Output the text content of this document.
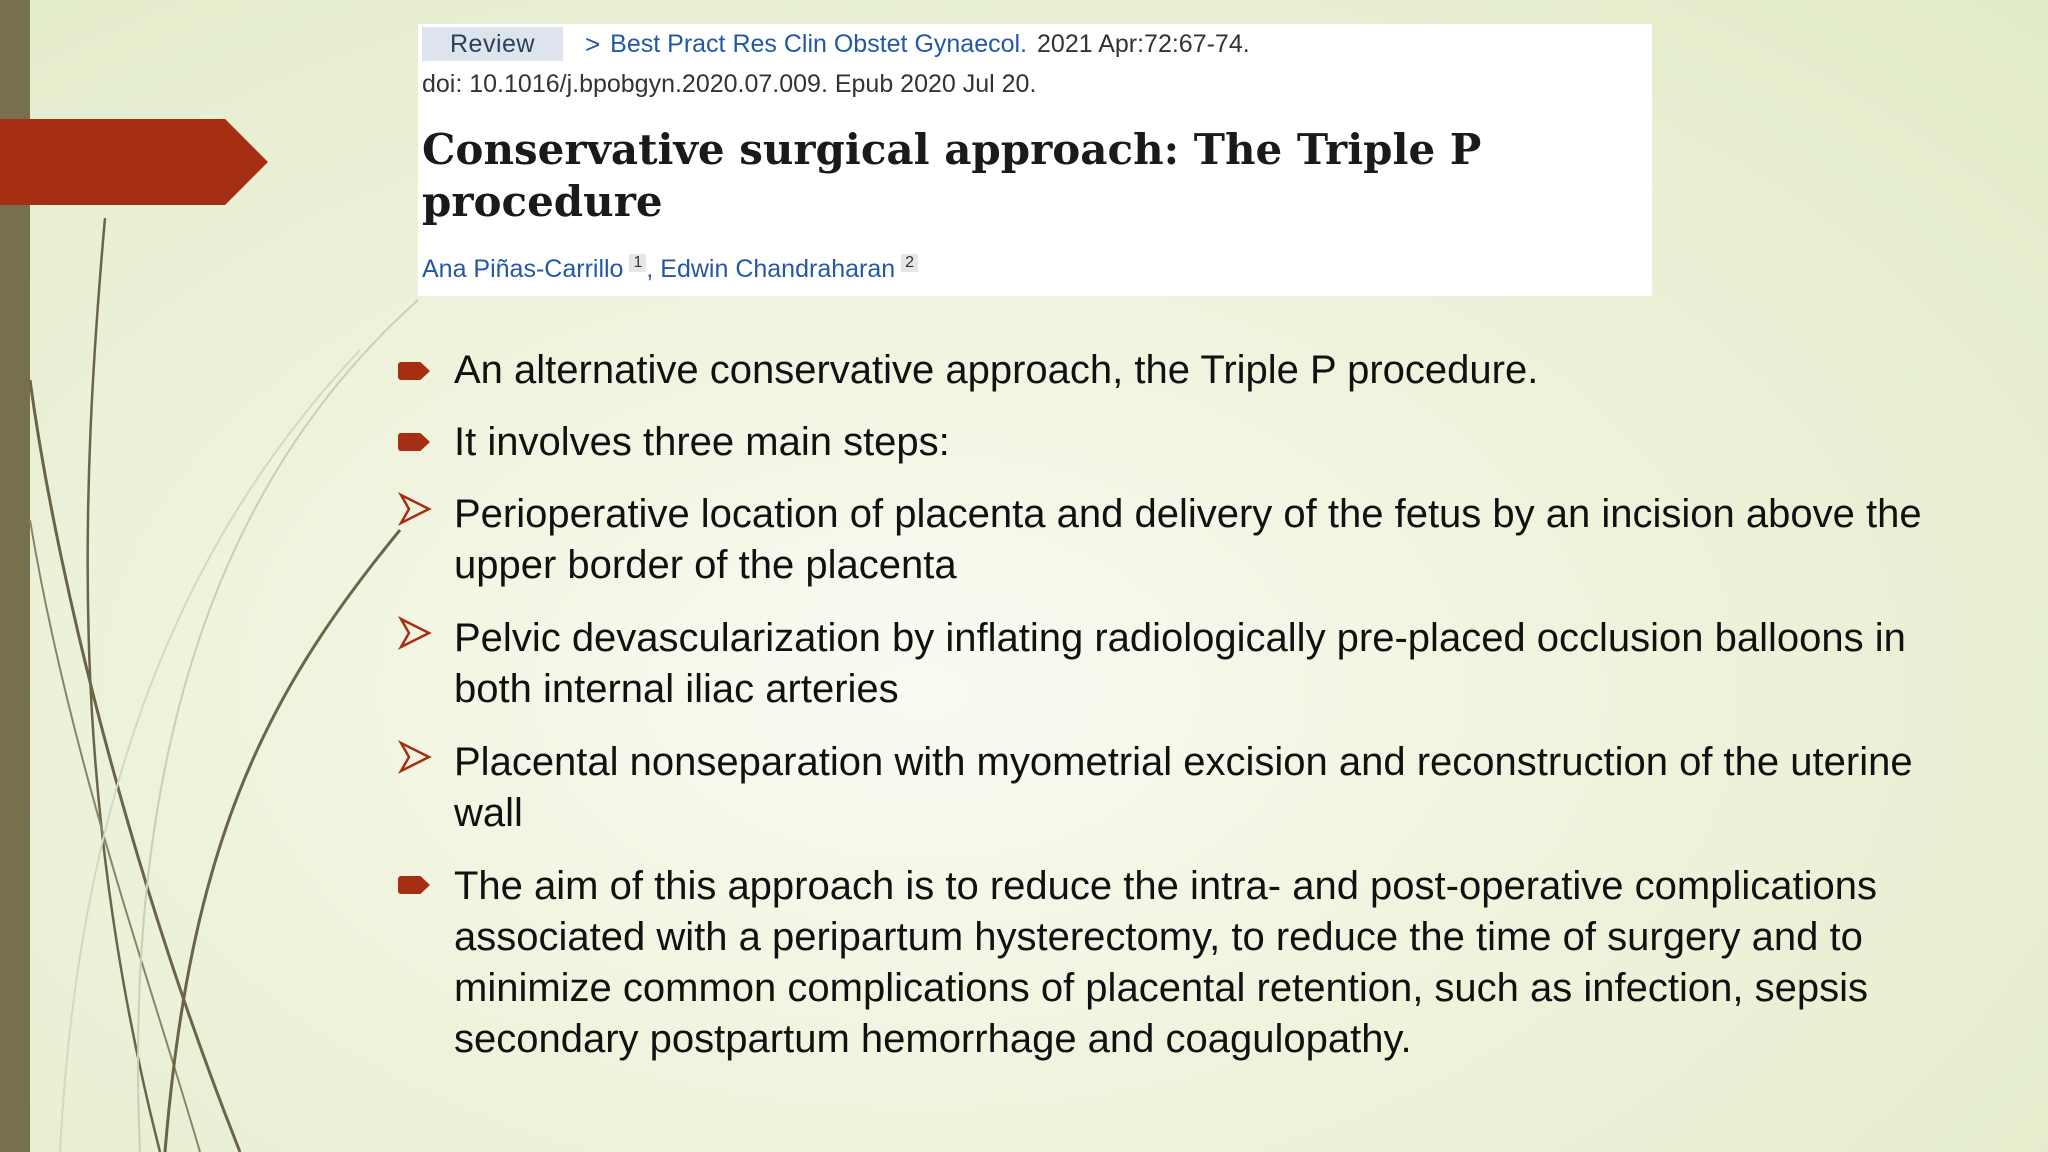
Review	> Best Pract Res Clin Obstet Gynaecol. 2021 Apr:72:67-74.
doi: 10.1016/j.bpobgyn.2020.07.009. Epub 2020 Jul 20.
Conservative surgical approach: The Triple P procedure
Ana Piñas-Carrillo $^1$ , Edwin Chandraharan $^2$
An alternative conservative approach, the Triple P procedure.
It involves three main steps:
Perioperative location of placenta and delivery of the fetus by an incision above the upper border of the placenta
Pelvic devascularization by inflating radiologically pre-placed occlusion balloons in both internal iliac arteries
Placental nonseparation with myometrial excision and reconstruction of the uterine wall
The aim of this approach is to reduce the intra- and post-operative complications associated with a peripartum hysterectomy, to reduce the time of surgery and to minimize common complications of placental retention, such as infection, sepsis secondary postpartum hemorrhage and coagulopathy.
